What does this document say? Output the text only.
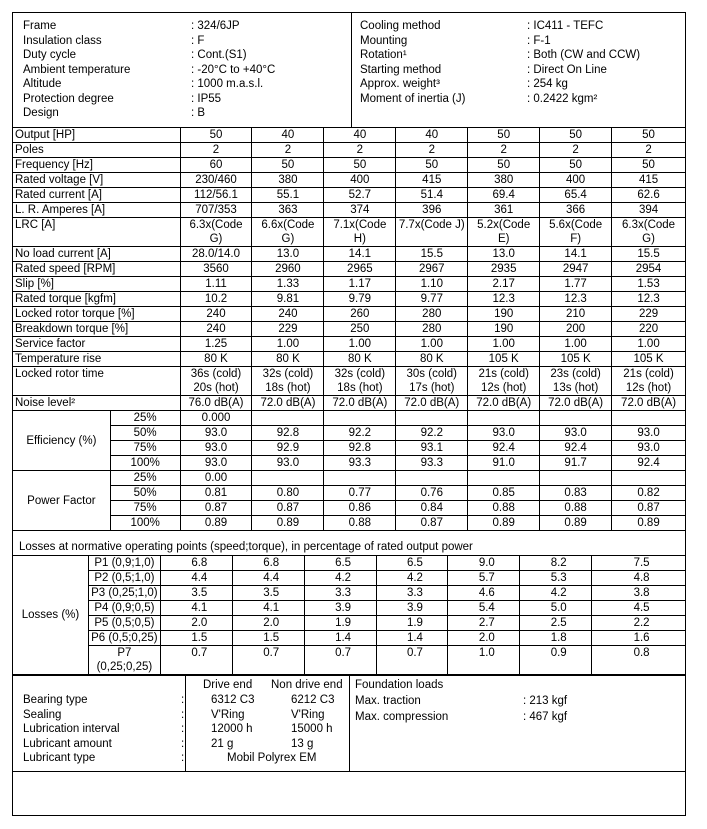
Frame	: 324/6JP
Insulation class	: F
Duty cycle	: Cont.(S1)
Ambient temperature	: -20°C to +40°C
Altitude	: 1000 m.a.s.l.
Protection degree	: IP55
Design	: B
Cooling method	: IC411 - TEFC
Mounting	: F-1
Rotation¹	: Both (CW and CCW)
Starting method	: Direct On Line
Approx. weight³	: 254 kg
Moment of inertia (J)	: 0.2422 kgm²
Output [HP]		50	40	40	40	50	50	50
Poles		2	2	2	2	2	2	2
Frequency [Hz]		60	50	50	50	50	50	50
Rated voltage [V]		230/460	380	400	415	380	400	415
Rated current [A]		112/56.1	55.1	52.7	51.4	69.4	65.4	62.6
L. R. Amperes [A]		707/353	363	374	396	361	366	394
LRC [A]		6.3x(Code G)	6.6x(Code G)	7.1x(Code H)	7.7x(Code J)	5.2x(Code E)	5.6x(Code F)	6.3x(Code G)
No load current [A]		28.0/14.0	13.0	14.1	15.5	13.0	14.1	15.5
Rated speed [RPM]		3560	2960	2965	2967	2935	2947	2954
Slip [%]		1.11	1.33	1.17	1.10	2.17	1.77	1.53
Rated torque [kgfm]		10.2	9.81	9.79	9.77	12.3	12.3	12.3
Locked rotor torque [%]		240	240	260	280	190	210	229
Breakdown torque [%]		240	229	250	280	190	200	220
Service factor		1.25	1.00	1.00	1.00	1.00	1.00	1.00
Temperature rise		80 K	80 K	80 K	80 K	105 K	105 K	105 K
Locked rotor time		36s (cold) 20s (hot)	32s (cold) 18s (hot)	32s (cold) 18s (hot)	30s (cold) 17s (hot)	21s (cold) 12s (hot)	23s (cold) 13s (hot)	21s (cold) 12s (hot)
Noise level²		76.0 dB(A)	72.0 dB(A)	72.0 dB(A)	72.0 dB(A)	72.0 dB(A)	72.0 dB(A)	72.0 dB(A)
Efficiency (%)	25%	0.000						
	50%	93.0	92.8	92.2	92.2	93.0	93.0	93.0
	75%	93.0	92.9	92.8	93.1	92.4	92.4	93.0
	100%	93.0	93.0	93.3	93.3	91.0	91.7	92.4
Power Factor	25%	0.00						
	50%	0.81	0.80	0.77	0.76	0.85	0.83	0.82
	75%	0.87	0.87	0.86	0.84	0.88	0.88	0.87
	100%	0.89	0.89	0.88	0.87	0.89	0.89	0.89
Losses at normative operating points (speed;torque), in percentage of rated output power
Losses (%)	P1 (0,9;1,0)	6.8	6.8	6.5	6.5	9.0	8.2	7.5
	P2 (0,5;1,0)	4.4	4.4	4.2	4.2	5.7	5.3	4.8
	P3 (0,25;1,0)	3.5	3.5	3.3	3.3	4.6	4.2	3.8
	P4 (0,9;0,5)	4.1	4.1	3.9	3.9	5.4	5.0	4.5
	P5 (0,5;0,5)	2.0	2.0	1.9	1.9	2.7	2.5	2.2
	P6 (0,5;0,25)	1.5	1.5	1.4	1.4	2.0	1.8	1.6
	P7 (0,25;0,25)	0.7	0.7	0.7	0.7	1.0	0.9	0.8
Drive end Non drive end
Bearing type	: 6312 C3	6212 C3
Sealing	: V'Ring	V'Ring
Lubrication interval	: 12000 h	15000 h
Lubricant amount	: 21 g	13 g
Lubricant type	:	Mobil Polyrex EM
Foundation loads
Max. traction	: 213 kgf
Max. compression	: 467 kgf
